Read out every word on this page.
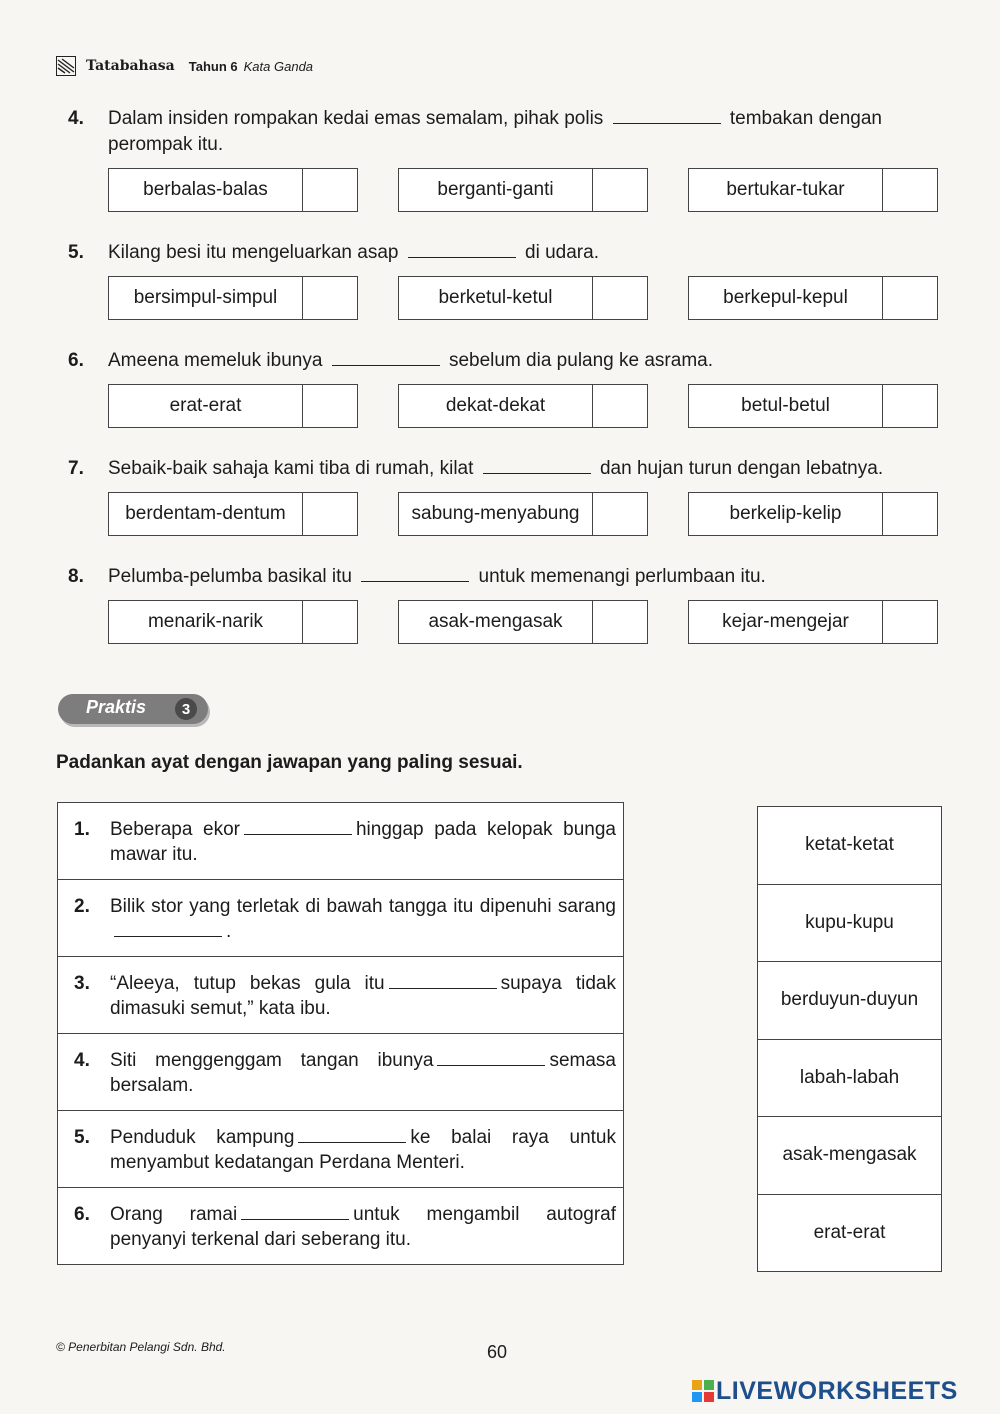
Tatabahasa Tahun 6 Kata Ganda
4.	Dalam insiden rompakan kedai emas semalam, pihak polis	tembakan dengan perompak itu.
berbalas-balas	berganti-ganti	bertukar-tukar
5.	Kilang besi itu mengeluarkan asap	di udara.
bersimpul-simpul	berketul-ketul	berkepul-kepul
6.	Ameena memeluk ibunya	sebelum dia pulang ke asrama.
erat-erat	dekat-dekat	betul-betul
7.	Sebaik-baik sahaja kami tiba di rumah, kilat	dan hujan turun dengan lebatnya.
berdentam-dentum	sabung-menyabung	berkelip-kelip
8.	Pelumba-pelumba basikal itu	untuk memenangi perlumbaan itu.
menarik-narik	asak-mengasak	kejar-mengejar
Praktis	3
Padankan ayat dengan jawapan yang paling sesuai.
1. Beberapa ekor	hinggap pada kelopak bunga mawar itu.
2. Bilik stor yang terletak di bawah tangga itu dipenuhi sarang.
3. “Aleeya, tutup bekas gula itu	supaya tidak dimasuki semut,” kata ibu.
4. Siti menggenggam tangan ibunya	semasa bersalam.
5. Penduduk kampung	ke balai raya untuk menyambut kedatangan Perdana Menteri.
6. Orang ramai	untuk mengambil autograf penyanyi terkenal dari seberang itu.
ketat-ketat
kupu-kupu
berduyun-duyun
labah-labah
asak-mengasak
erat-erat
© Penerbitan Pelangi Sdn. Bhd.	60
LIVEWORKSHEETS
